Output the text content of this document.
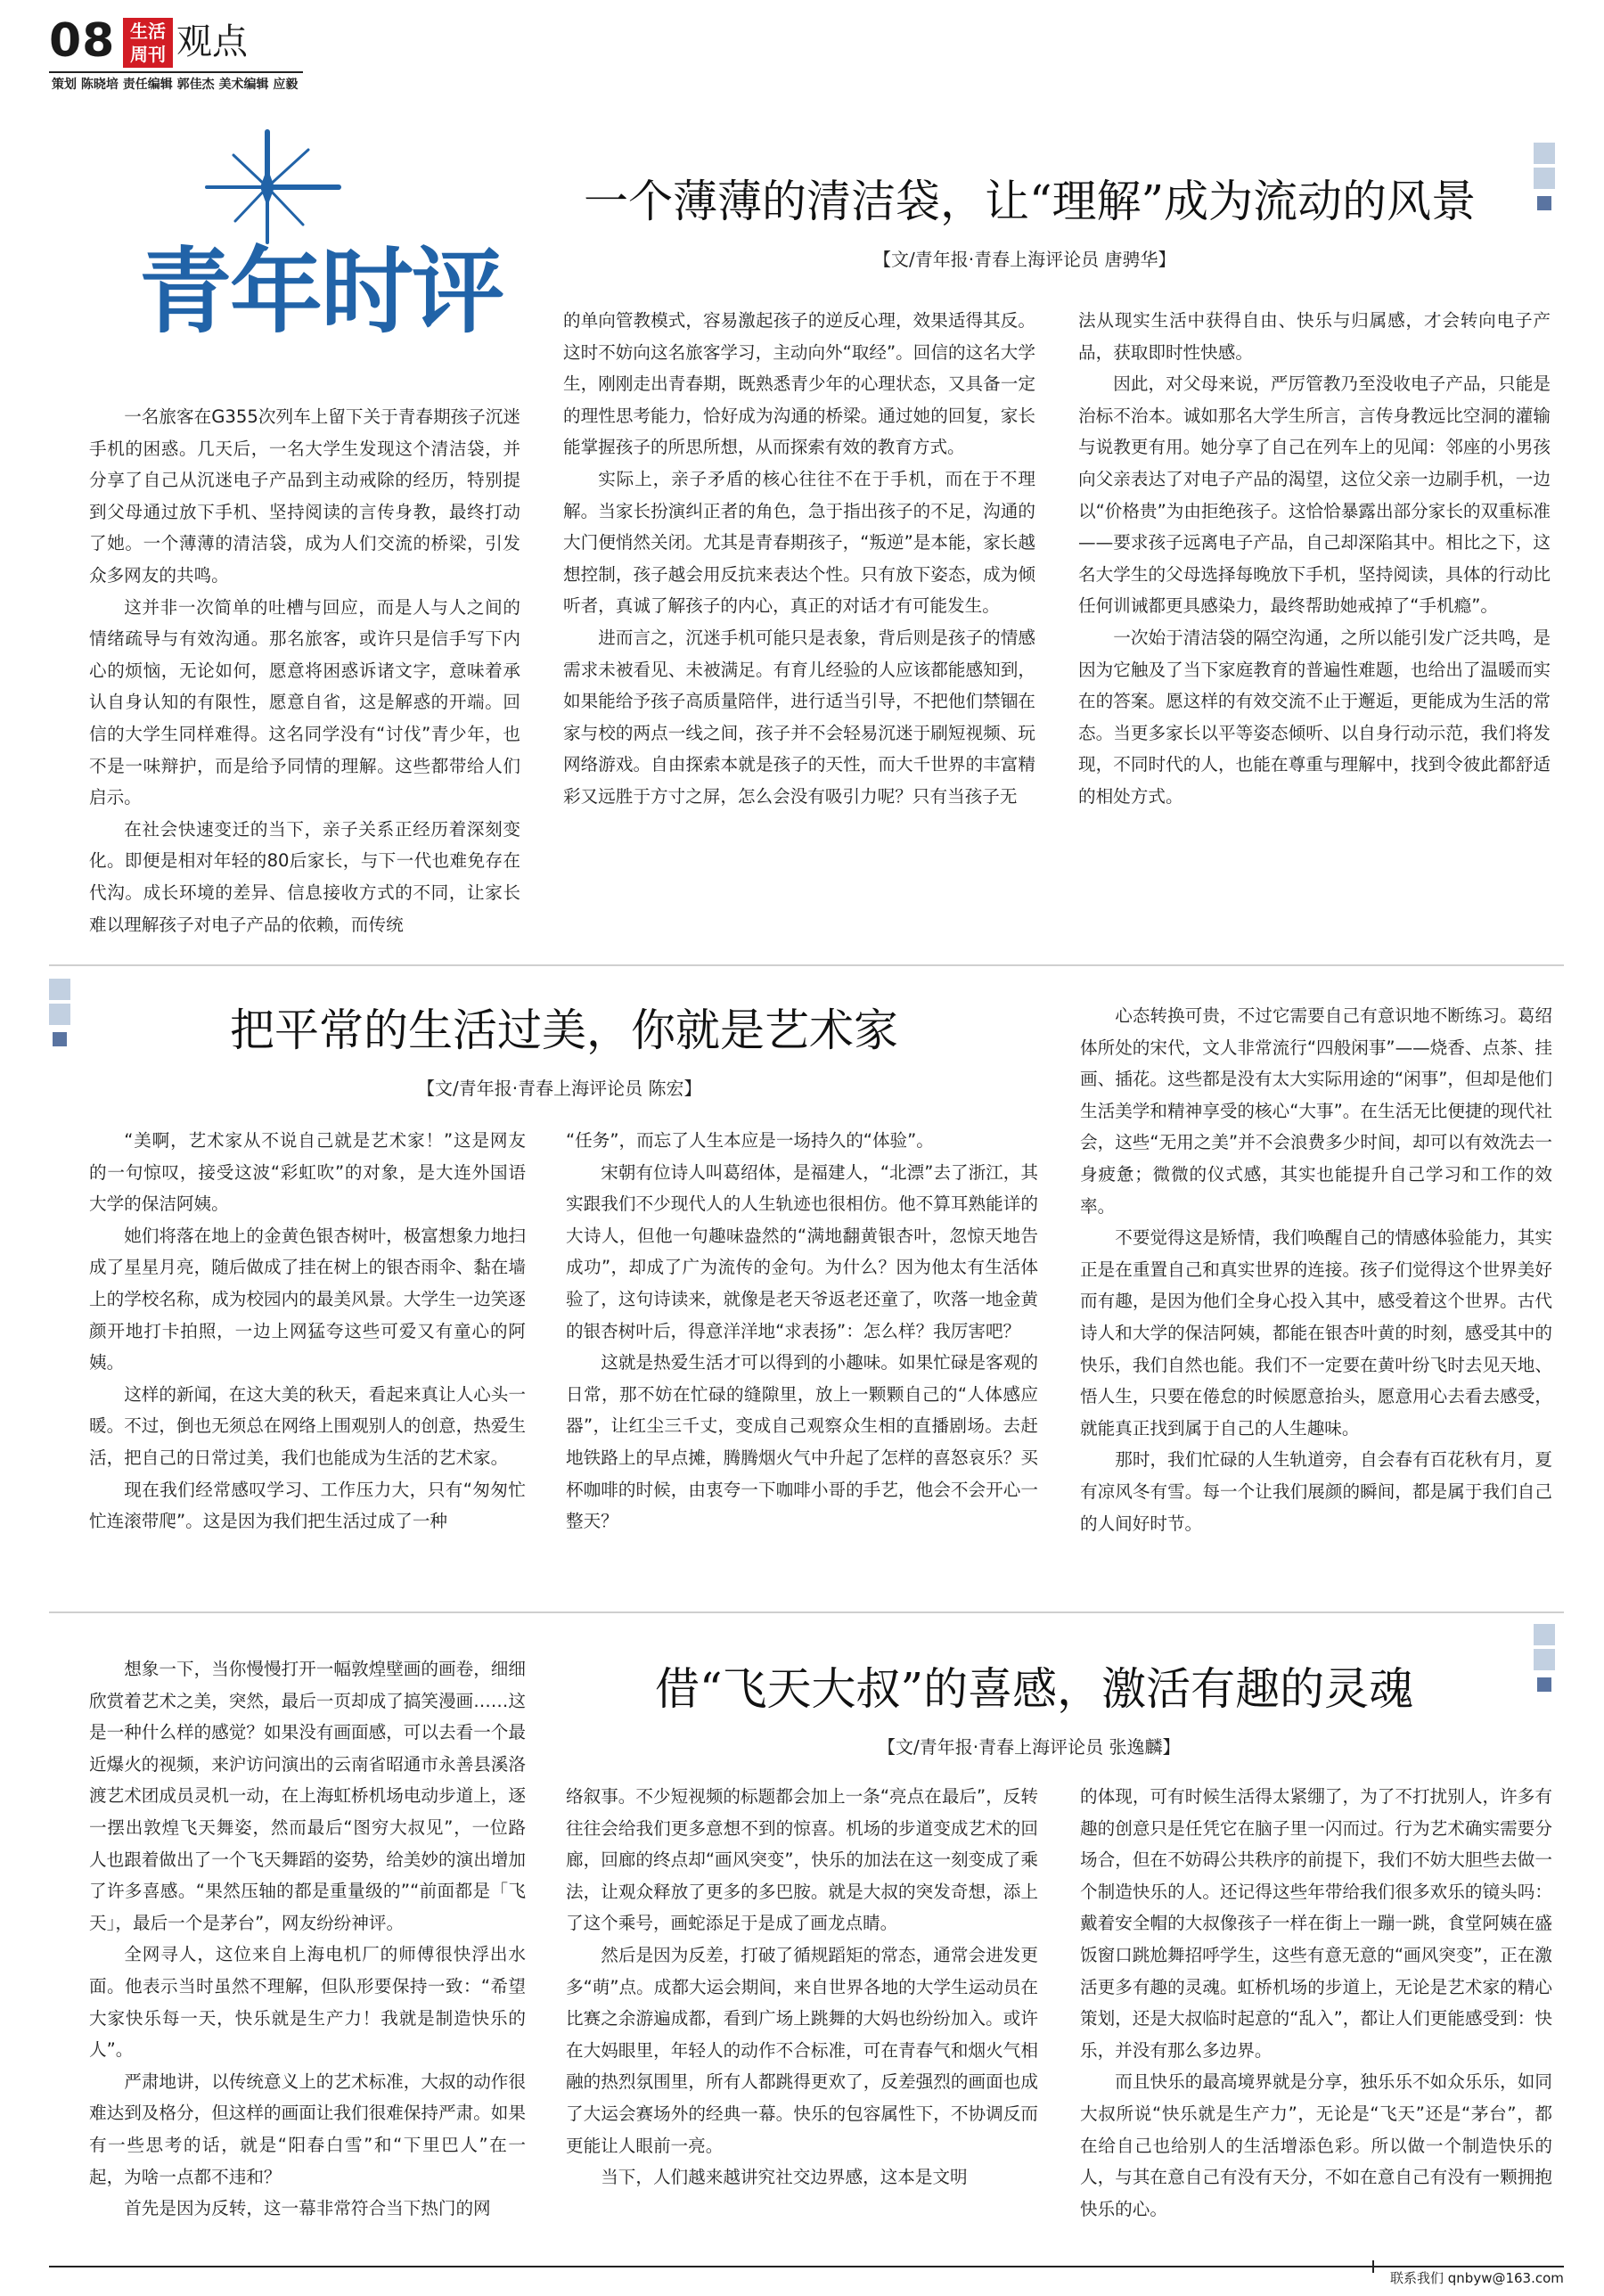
08 生活周刊 观点
策划 陈晓培 责任编辑 郭佳杰 美术编辑 应毅
青年时评
一个薄薄的清洁袋，让“理解”成为流动的风景
【文/青年报·青春上海评论员 唐骋华】

一名旅客在G355次列车上留下关于青春期孩子沉迷手机的困惑。几天后，一名大学生发现这个清洁袋，并分享了自己从沉迷电子产品到主动戒除的经历，特别提到父母通过放下手机、坚持阅读的言传身教，最终打动了她。一个薄薄的清洁袋，成为人们交流的桥梁，引发众多网友的共鸣。

这并非一次简单的吐槽与回应，而是人与人之间的情绪疏导与有效沟通。那名旅客，或许只是信手写下内心的烦恼，无论如何，愿意将困惑诉诸文字，意味着承认自身认知的有限性，愿意自省，这是解惑的开端。回信的大学生同样难得。这名同学没有“讨伐”青少年，也不是一味辩护，而是给予同情的理解。这些都带给人们启示。

在社会快速变迁的当下，亲子关系正经历着深刻变化。即便是相对年轻的80后家长，与下一代也难免存在代沟。成长环境的差异、信息接收方式的不同，让家长难以理解孩子对电子产品的依赖，而传统

的单向管教模式，容易激起孩子的逆反心理，效果适得其反。这时不妨向这名旅客学习，主动向外“取经”。回信的这名大学生，刚刚走出青春期，既熟悉青少年的心理状态，又具备一定的理性思考能力，恰好成为沟通的桥梁。通过她的回复，家长能掌握孩子的所思所想，从而探索有效的教育方式。

实际上，亲子矛盾的核心往往不在于手机，而在于不理解。当家长扮演纠正者的角色，急于指出孩子的不足，沟通的大门便悄然关闭。尤其是青春期孩子，“叛逆”是本能，家长越想控制，孩子越会用反抗来表达个性。只有放下姿态，成为倾听者，真诚了解孩子的内心，真正的对话才有可能发生。

进而言之，沉迷手机可能只是表象，背后则是孩子的情感需求未被看见、未被满足。有育儿经验的人应该都能感知到，如果能给予孩子高质量陪伴，进行适当引导，不把他们禁锢在家与校的两点一线之间，孩子并不会轻易沉迷于刷短视频、玩网络游戏。自由探索本就是孩子的天性，而大千世界的丰富精彩又远胜于方寸之屏，怎么会没有吸引力呢？只有当孩子无

法从现实生活中获得自由、快乐与归属感，才会转向电子产品，获取即时性快感。

因此，对父母来说，严厉管教乃至没收电子产品，只能是治标不治本。诚如那名大学生所言，言传身教远比空洞的灌输与说教更有用。她分享了自己在列车上的见闻：邻座的小男孩向父亲表达了对电子产品的渴望，这位父亲一边刷手机，一边以“价格贵”为由拒绝孩子。这恰恰暴露出部分家长的双重标准——要求孩子远离电子产品，自己却深陷其中。相比之下，这名大学生的父母选择每晚放下手机，坚持阅读，具体的行动比任何训诫都更具感染力，最终帮助她戒掉了“手机瘾”。

一次始于清洁袋的隔空沟通，之所以能引发广泛共鸣，是因为它触及了当下家庭教育的普遍性难题，也给出了温暖而实在的答案。愿这样的有效交流不止于邂逅，更能成为生活的常态。当更多家长以平等姿态倾听、以自身行动示范，我们将发现，不同时代的人，也能在尊重与理解中，找到令彼此都舒适的相处方式。

把平常的生活过美，你就是艺术家
【文/青年报·青春上海评论员 陈宏】

“美啊，艺术家从不说自己就是艺术家！”这是网友的一句惊叹，接受这波“彩虹吹”的对象，是大连外国语大学的保洁阿姨。

她们将落在地上的金黄色银杏树叶，极富想象力地扫成了星星月亮，随后做成了挂在树上的银杏雨伞、黏在墙上的学校名称，成为校园内的最美风景。大学生一边笑逐颜开地打卡拍照，一边上网猛夸这些可爱又有童心的阿姨。

这样的新闻，在这大美的秋天，看起来真让人心头一暖。不过，倒也无须总在网络上围观别人的创意，热爱生活，把自己的日常过美，我们也能成为生活的艺术家。

现在我们经常感叹学习、工作压力大，只有“匆匆忙忙连滚带爬”。这是因为我们把生活过成了一种

“任务”，而忘了人生本应是一场持久的“体验”。

宋朝有位诗人叫葛绍体，是福建人，“北漂”去了浙江，其实跟我们不少现代人的人生轨迹也很相仿。他不算耳熟能详的大诗人，但他一句趣味盎然的“满地翻黄银杏叶，忽惊天地告成功”，却成了广为流传的金句。为什么？因为他太有生活体验了，这句诗读来，就像是老天爷返老还童了，吹落一地金黄的银杏树叶后，得意洋洋地“求表扬”：怎么样？我厉害吧？

这就是热爱生活才可以得到的小趣味。如果忙碌是客观的日常，那不妨在忙碌的缝隙里，放上一颗颗自己的“人体感应器”，让红尘三千丈，变成自己观察众生相的直播剧场。去赶地铁路上的早点摊，腾腾烟火气中升起了怎样的喜怒哀乐？买杯咖啡的时候，由衷夸一下咖啡小哥的手艺，他会不会开心一整天？

心态转换可贵，不过它需要自己有意识地不断练习。葛绍体所处的宋代，文人非常流行“四般闲事”——烧香、点茶、挂画、插花。这些都是没有太大实际用途的“闲事”，但却是他们生活美学和精神享受的核心“大事”。在生活无比便捷的现代社会，这些“无用之美”并不会浪费多少时间，却可以有效洗去一身疲惫；微微的仪式感，其实也能提升自己学习和工作的效率。

不要觉得这是矫情，我们唤醒自己的情感体验能力，其实正是在重置自己和真实世界的连接。孩子们觉得这个世界美好而有趣，是因为他们全身心投入其中，感受着这个世界。古代诗人和大学的保洁阿姨，都能在银杏叶黄的时刻，感受其中的快乐，我们自然也能。我们不一定要在黄叶纷飞时去见天地、悟人生，只要在倦怠的时候愿意抬头，愿意用心去看去感受，就能真正找到属于自己的人生趣味。

那时，我们忙碌的人生轨道旁，自会春有百花秋有月，夏有凉风冬有雪。每一个让我们展颜的瞬间，都是属于我们自己的人间好时节。

借“飞天大叔”的喜感，激活有趣的灵魂
【文/青年报·青春上海评论员 张逸麟】

想象一下，当你慢慢打开一幅敦煌壁画的画卷，细细欣赏着艺术之美，突然，最后一页却成了搞笑漫画……这是一种什么样的感觉？如果没有画面感，可以去看一个最近爆火的视频，来沪访问演出的云南省昭通市永善县溪洛渡艺术团成员灵机一动，在上海虹桥机场电动步道上，逐一摆出敦煌飞天舞姿，然而最后“图穷大叔见”，一位路人也跟着做出了一个飞天舞蹈的姿势，给美妙的演出增加了许多喜感。“果然压轴的都是重量级的”“前面都是「飞天」，最后一个是茅台”，网友纷纷神评。

全网寻人，这位来自上海电机厂的师傅很快浮出水面。他表示当时虽然不理解，但队形要保持一致：“希望大家快乐每一天，快乐就是生产力！我就是制造快乐的人”。

严肃地讲，以传统意义上的艺术标准，大叔的动作很难达到及格分，但这样的画面让我们很难保持严肃。如果有一些思考的话，就是“阳春白雪”和“下里巴人”在一起，为啥一点都不违和？

首先是因为反转，这一幕非常符合当下热门的网

络叙事。不少短视频的标题都会加上一条“亮点在最后”，反转往往会给我们更多意想不到的惊喜。机场的步道变成艺术的回廊，回廊的终点却“画风突变”，快乐的加法在这一刻变成了乘法，让观众释放了更多的多巴胺。就是大叔的突发奇想，添上了这个乘号，画蛇添足于是成了画龙点睛。

然后是因为反差，打破了循规蹈矩的常态，通常会进发更多“萌”点。成都大运会期间，来自世界各地的大学生运动员在比赛之余游遍成都，看到广场上跳舞的大妈也纷纷加入。或许在大妈眼里，年轻人的动作不合标准，可在青春气和烟火气相融的热烈氛围里，所有人都跳得更欢了，反差强烈的画面也成了大运会赛场外的经典一幕。快乐的包容属性下，不协调反而更能让人眼前一亮。

当下，人们越来越讲究社交边界感，这本是文明

的体现，可有时候生活得太紧绷了，为了不打扰别人，许多有趣的创意只是任凭它在脑子里一闪而过。行为艺术确实需要分场合，但在不妨碍公共秩序的前提下，我们不妨大胆些去做一个制造快乐的人。还记得这些年带给我们很多欢乐的镜头吗：戴着安全帽的大叔像孩子一样在街上一蹦一跳，食堂阿姨在盛饭窗口跳尬舞招呼学生，这些有意无意的“画风突变”，正在激活更多有趣的灵魂。虹桥机场的步道上，无论是艺术家的精心策划，还是大叔临时起意的“乱入”，都让人们更能感受到：快乐，并没有那么多边界。

而且快乐的最高境界就是分享，独乐乐不如众乐乐，如同大叔所说“快乐就是生产力”，无论是“飞天”还是“茅台”，都在给自己也给别人的生活增添色彩。所以做一个制造快乐的人，与其在意自己有没有天分，不如在意自己有没有一颗拥抱快乐的心。

联系我们 qnbyw@163.com
